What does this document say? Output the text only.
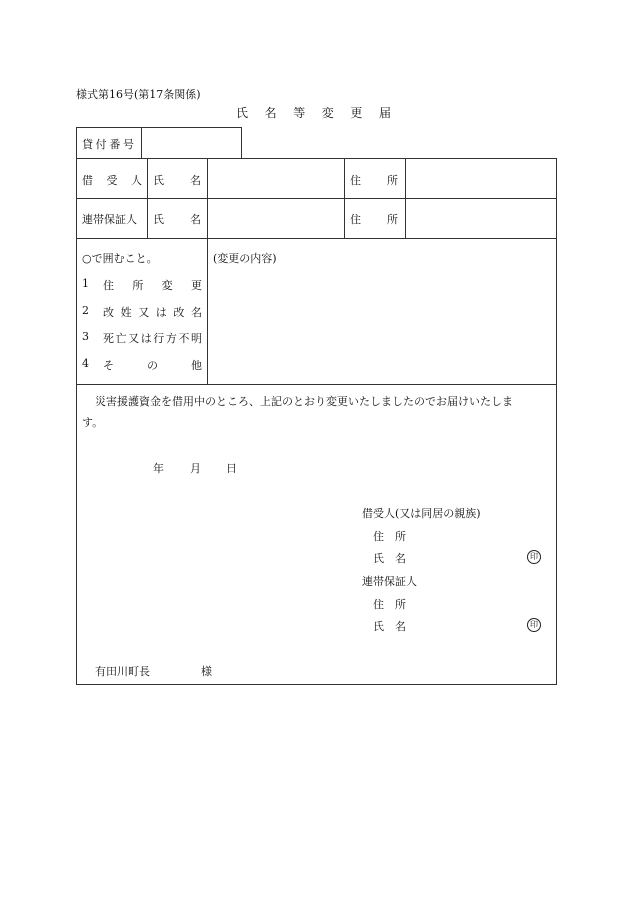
様式第16号(第17条関係)
氏 名 等 変 更 届
貸 付 番 号
借 受 人 氏 名	住 所
連帯保証人 氏 名	住 所
○で囲むこと。
1 住 所 変 更
2 改 姓 又 は 改 名
3 死 亡 又 は 行 方 不 明
4 そ	の	他
(変更の内容)
災害援護資金を借用中のところ、上記のとおり変更いたしましたのでお届けいたしま
す。
年 月 日
借受人(又は同居の親族)
住　所
氏　名	印
連帯保証人
住　所
氏　名	印
有田川町長	様
